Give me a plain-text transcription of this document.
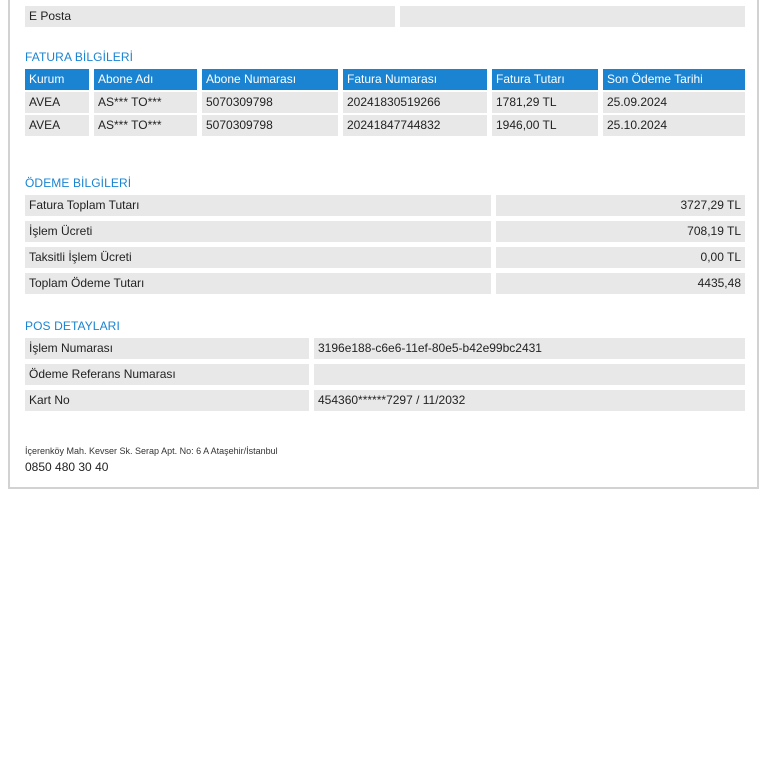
E Posta
FATURA BİLGİLERİ
Kurum	Abone Adı	Abone Numarası	Fatura Numarası	Fatura Tutarı	Son Ödeme Tarihi
AVEA	AS*** TO***	5070309798	20241830519266	1781,29 TL	25.09.2024
AVEA	AS*** TO***	5070309798	20241847744832	1946,00 TL	25.10.2024
ÖDEME BİLGİLERİ
Fatura Toplam Tutarı	3727,29 TL
İşlem Ücreti	708,19 TL
Taksitli İşlem Ücreti	0,00 TL
Toplam Ödeme Tutarı	4435,48
POS DETAYLARI
İşlem Numarası	3196e188-c6e6-11ef-80e5-b42e99bc2431
Ödeme Referans Numarası
Kart No	454360******7297 / 11/2032
İçerenköy Mah. Kevser Sk. Serap Apt. No: 6 A Ataşehir/İstanbul
0850 480 30 40
